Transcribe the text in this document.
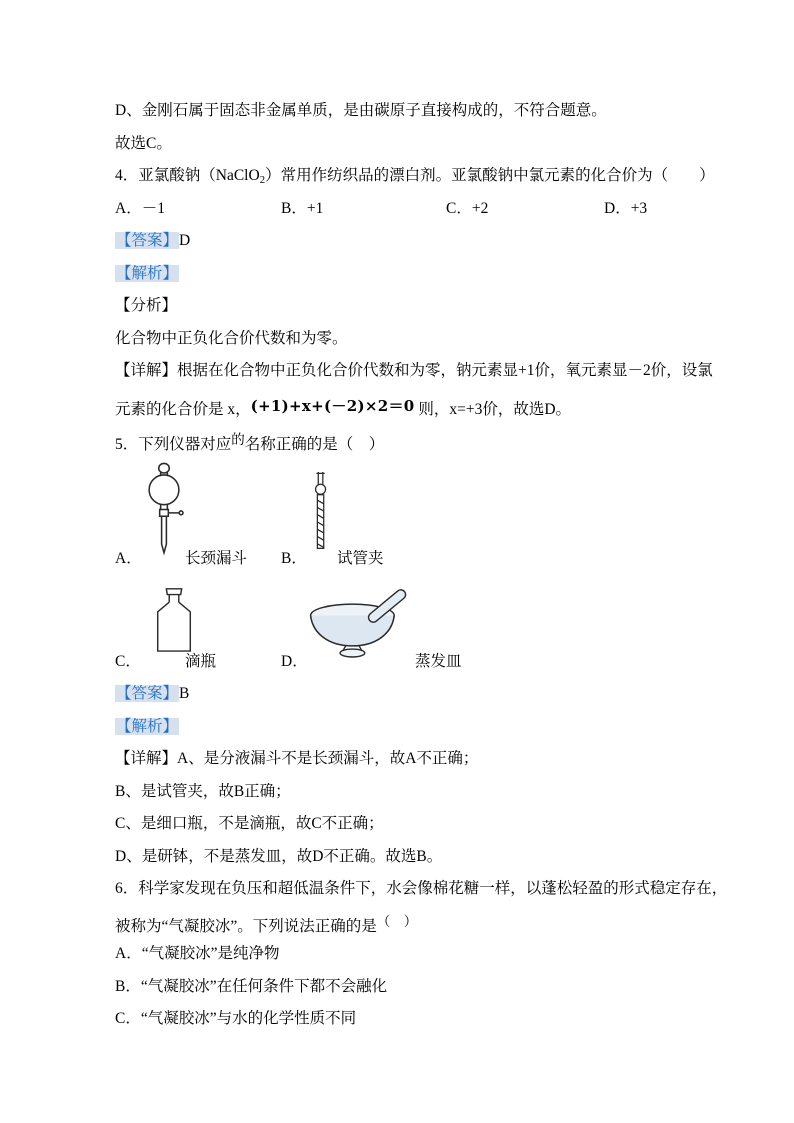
D、金刚石属于固态非金属单质，是由碳原子直接构成的，不符合题意。
故选C。
4．亚氯酸钠（NaClO$_2$）常用作纺织品的漂白剂。亚氯酸钠中氯元素的化合价为（　　）
A．－1	B．+1	C．+2	D．+3
【答案】D
【解析】
【分析】
化合物中正负化合价代数和为零。
【详解】根据在化合物中正负化合价代数和为零，钠元素显+1价，氧元素显－2价，设氯
元素的化合价是 x，(+1)+x+(－2)×2＝0 则，x=+3价，故选D。
5．下列仪器对应的名称正确的是（　）
A．	长颈漏斗 B． 试管夹
C．	滴瓶	D．	蒸发皿
【答案】B
【解析】
【详解】A、是分液漏斗不是长颈漏斗，故A不正确；
B、是试管夹，故B正确；
C、是细口瓶，不是滴瓶，故C不正确；
D、是研钵，不是蒸发皿，故D不正确。故选B。
6．科学家发现在负压和超低温条件下，水会像棉花糖一样，以蓬松轻盈的形式稳定存在，
被称为“气凝胶冰”。下列说法正确的是（　）
A．“气凝胶冰”是纯净物
B．“气凝胶冰”在任何条件下都不会融化
C．“气凝胶冰”与水的化学性质不同
